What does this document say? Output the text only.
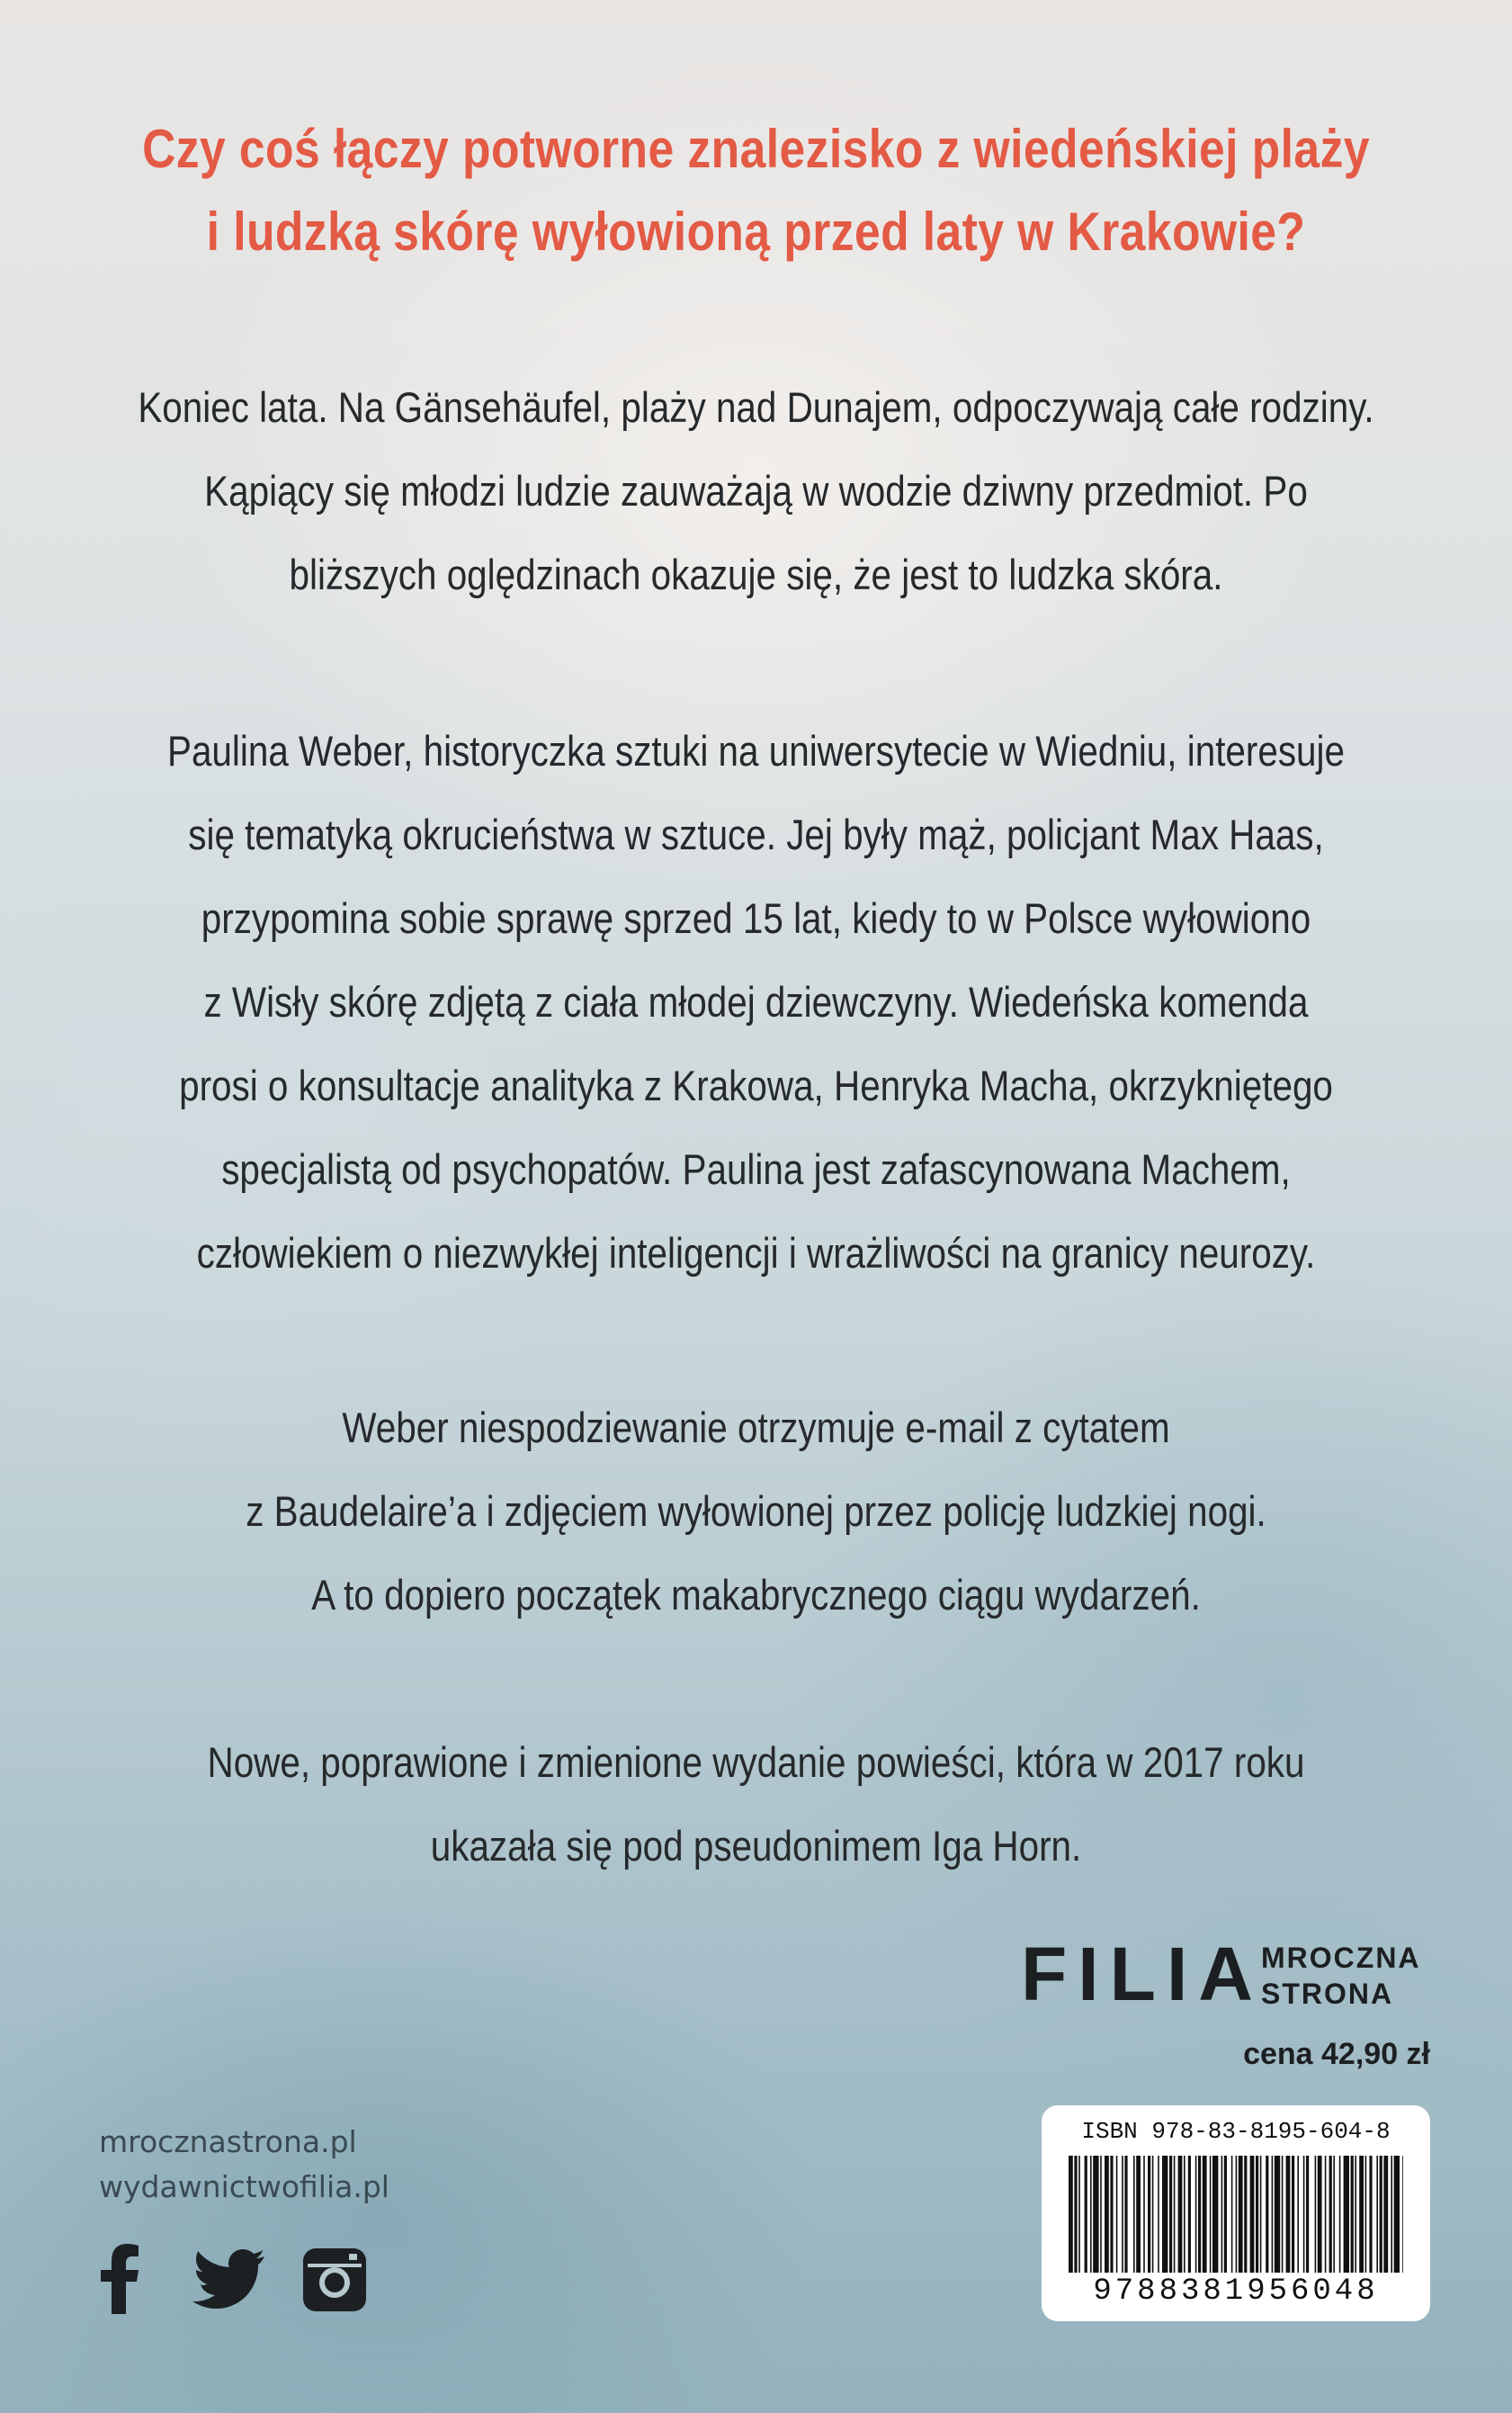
Czy coś łączy potworne znalezisko z wiedeńskiej plaży
i ludzką skórę wyłowioną przed laty w Krakowie?
Koniec lata. Na Gänsehäufel, plaży nad Dunajem, odpoczywają całe rodziny.
Kąpiący się młodzi ludzie zauważają w wodzie dziwny przedmiot. Po
bliższych oględzinach okazuje się, że jest to ludzka skóra.
Paulina Weber, historyczka sztuki na uniwersytecie w Wiedniu, interesuje
się tematyką okrucieństwa w sztuce. Jej były mąż, policjant Max Haas,
przypomina sobie sprawę sprzed 15 lat, kiedy to w Polsce wyłowiono
z Wisły skórę zdjętą z ciała młodej dziewczyny. Wiedeńska komenda
prosi o konsultacje analityka z Krakowa, Henryka Macha, okrzykniętego
specjalistą od psychopatów. Paulina jest zafascynowana Machem,
człowiekiem o niezwykłej inteligencji i wrażliwości na granicy neurozy.
Weber niespodziewanie otrzymuje e-mail z cytatem
z Baudelaire’a i zdjęciem wyłowionej przez policję ludzkiej nogi.
A to dopiero początek makabrycznego ciągu wydarzeń.
Nowe, poprawione i zmienione wydanie powieści, która w 2017 roku
ukazała się pod pseudonimem Iga Horn.
FILIA
MROCZNA
STRONA
cena 42,90 zł
ISBN 978-83-8195-604-8
9788381956048
mrocznastrona.pl
wydawnictwofilia.pl
